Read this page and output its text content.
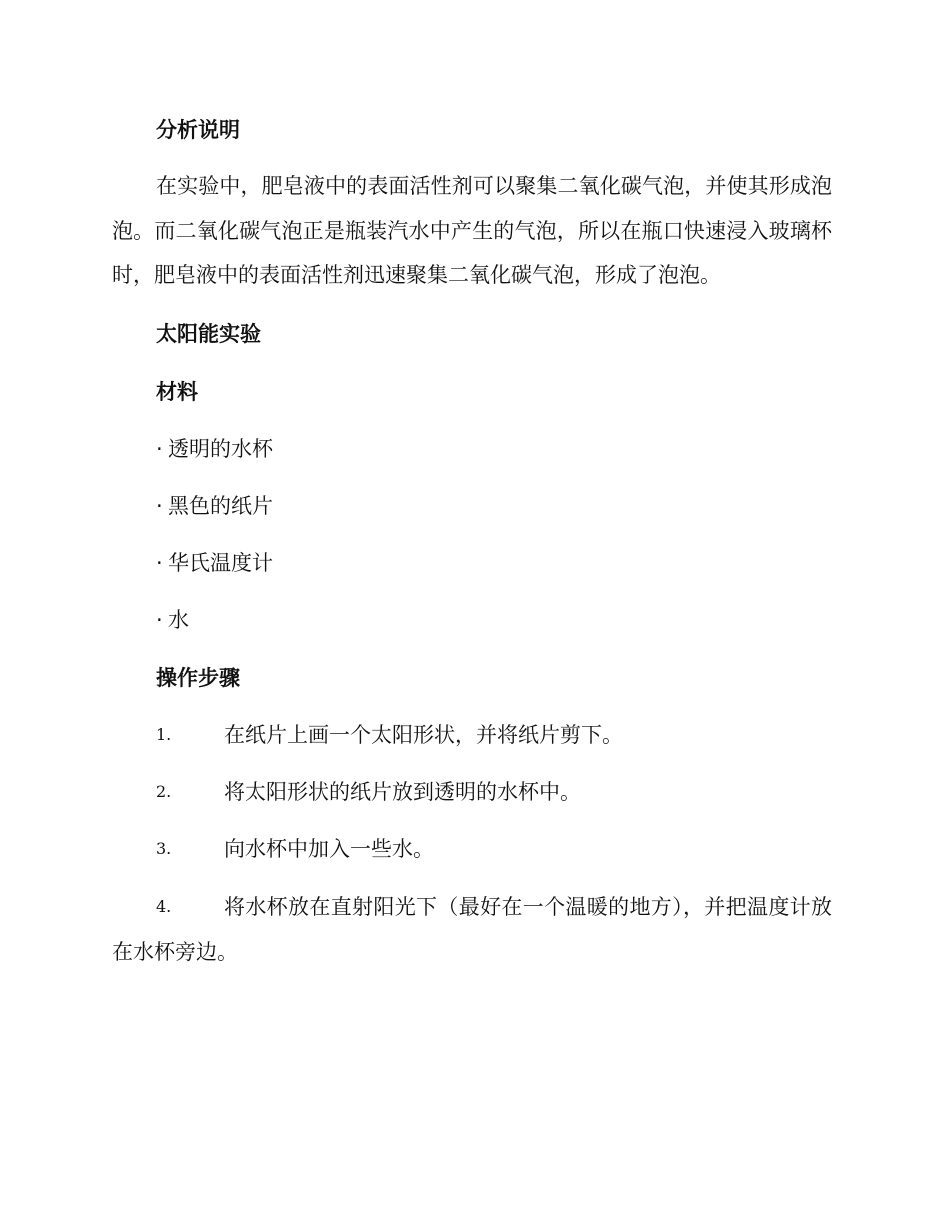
分析说明

在实验中，肥皂液中的表面活性剂可以聚集二氧化碳气泡，并使其形成泡泡。而二氧化碳气泡正是瓶装汽水中产生的气泡，所以在瓶口快速浸入玻璃杯时，肥皂液中的表面活性剂迅速聚集二氧化碳气泡，形成了泡泡。

太阳能实验
材料
· 透明的水杯
· 黑色的纸片
· 华氏温度计
· 水
操作步骤
1.	在纸片上画一个太阳形状，并将纸片剪下。
2.	将太阳形状的纸片放到透明的水杯中。
3.	向水杯中加入一些水。
4.	将水杯放在直射阳光下（最好在一个温暖的地方），并把温度计放在水杯旁边。
